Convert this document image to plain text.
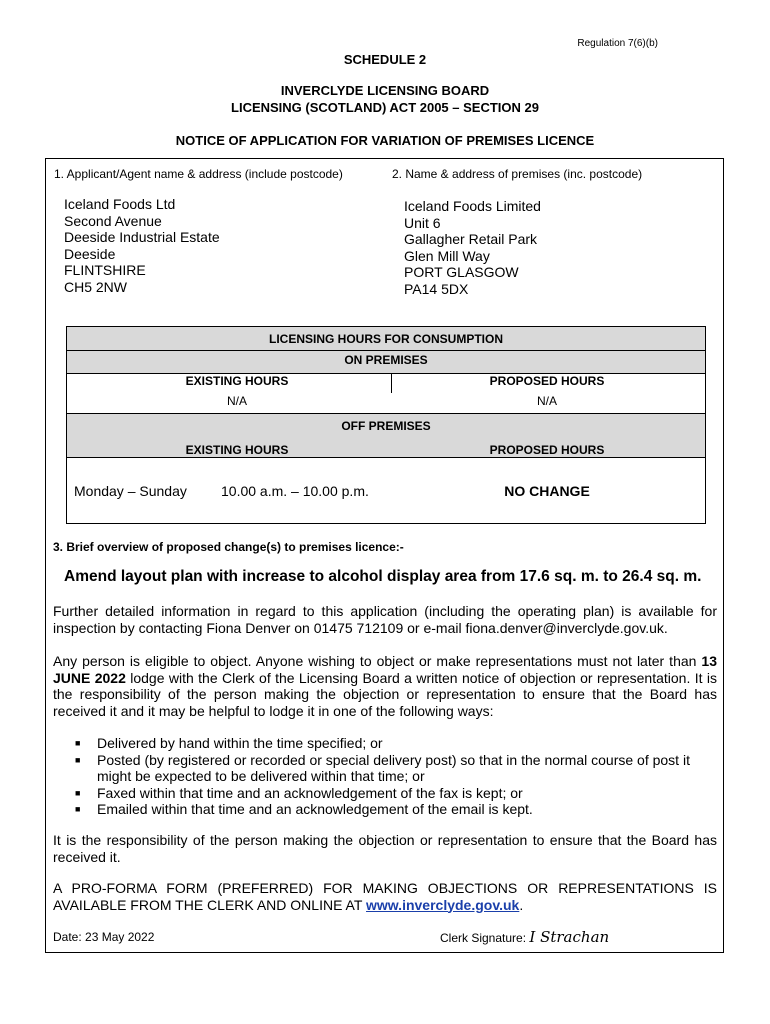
Regulation 7(6)(b)
SCHEDULE 2
INVERCLYDE LICENSING BOARD
LICENSING (SCOTLAND) ACT 2005 – SECTION 29
NOTICE OF APPLICATION FOR VARIATION OF PREMISES LICENCE
1. Applicant/Agent name & address (include postcode)	2. Name & address of premises (inc. postcode)
Iceland Foods Ltd
Second Avenue
Deeside Industrial Estate
Deeside
FLINTSHIRE
CH5 2NW
Iceland Foods Limited
Unit 6
Gallagher Retail Park
Glen Mill Way
PORT GLASGOW
PA14 5DX
LICENSING HOURS FOR CONSUMPTION
ON PREMISES
EXISTING HOURS	PROPOSED HOURS
N/A	N/A
OFF PREMISES
EXISTING HOURS	PROPOSED HOURS
Monday – Sunday 10.00 a.m. – 10.00 p.m.	NO CHANGE
3. Brief overview of proposed change(s) to premises licence:-
Amend layout plan with increase to alcohol display area from 17.6 sq. m. to 26.4 sq. m.
Further detailed information in regard to this application (including the operating plan) is available for inspection by contacting Fiona Denver on 01475 712109 or e-mail fiona.denver@inverclyde.gov.uk.
Any person is eligible to object. Anyone wishing to object or make representations must not later than 13 JUNE 2022 lodge with the Clerk of the Licensing Board a written notice of objection or representation. It is the responsibility of the person making the objection or representation to ensure that the Board has received it and it may be helpful to lodge it in one of the following ways:
■ Delivered by hand within the time specified; or
■ Posted (by registered or recorded or special delivery post) so that in the normal course of post it might be expected to be delivered within that time; or
■ Faxed within that time and an acknowledgement of the fax is kept; or
■ Emailed within that time and an acknowledgement of the email is kept.
It is the responsibility of the person making the objection or representation to ensure that the Board has received it.
A PRO-FORMA FORM (PREFERRED) FOR MAKING OBJECTIONS OR REPRESENTATIONS IS AVAILABLE FROM THE CLERK AND ONLINE AT www.inverclyde.gov.uk.
Date: 23 May 2022	Clerk Signature: I Strachan
